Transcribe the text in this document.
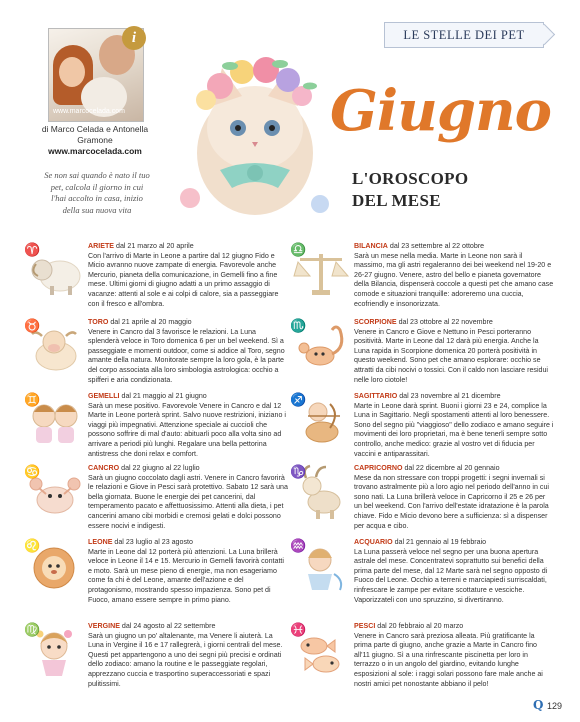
www.marcocelada.com
i
di Marco Celada e Antonella Gramone
www.marcocelada.com
Se non sai quando è nato il tuo pet, calcola il giorno in cui l'hai accolto in casa, inizio della sua nuova vita
LE STELLE DEI PET
Giugno
L'OROSCOPO DEL MESE
♈	ARIETE dal 21 marzo al 20 aprile
Con l'arrivo di Marte in Leone a partire dal 12 giugno Fido e Micio avranno nuove zampate di energia. Favorevole anche Mercurio, pianeta della comunicazione, in Gemelli fino a fine mese. Ultimi giorni di giugno adatti a un primo assaggio di vacanze: attenti al sole e ai colpi di calore, sia a passeggiare con il fresco e all'ombra.
♉	TORO dal 21 aprile al 20 maggio
Venere in Cancro dal 3 favorisce le relazioni. La Luna splenderà veloce in Toro domenica 6 per un bel weekend. Sì a passeggiate e momenti outdoor, come si addice al Toro, segno amante della natura. Monitorate sempre la loro gola, è la parte del corpo associata alla loro simbologia astrologica: occhio a spifferi e aria condizionata.
♊	GEMELLI dal 21 maggio al 21 giugno
Sarà un mese positivo. Favorevole Venere in Cancro e dal 12 Marte in Leone porterà sprint. Salvo nuove restrizioni, iniziano i viaggi più impegnativi. Attenzione speciale ai cuccioli che possono soffrire di mal d'auto: abituarli poco alla volta sino ad arrivare a periodi più lunghi. Regalare una bella pettorina antistress che doni relax e comfort.
♋	CANCRO dal 22 giugno al 22 luglio
Sarà un giugno coccolato dagli astri. Venere in Cancro favorirà le relazioni e Giove in Pesci sarà protettivo. Sabato 12 sarà una bella giornata. Buone le energie dei pet cancerini, dal temperamento pacato e affettuosissimo. Attenti alla dieta, i pet cancerini amano cibi morbidi e cremosi gelati e dolci possono essere nocivi e indigesti.
♌	LEONE dal 23 luglio al 23 agosto
Marte in Leone dal 12 porterà più attenzioni. La Luna brillerà veloce in Leone il 14 e 15. Mercurio in Gemelli favorirà contatti e moto. Sarà un mese pieno di energie, ma non esageriamo come fa chi è del Leone, amante dell'azione e del protagonismo, mostrando spesso impazienza. Sono pet di Fuoco, amano essere sempre in primo piano.
♍	VERGINE dal 24 agosto al 22 settembre
Sarà un giugno un po' altalenante, ma Venere li aiuterà. La Luna in Vergine il 16 e 17 rallegrerà, i giorni centrali del mese. Questi pet appartengono a uno dei segni più precisi e ordinati dello zodiaco: amano la routine e le passeggiate regolari, apprezzano cuccia e trasportino superaccessoriati e spazi pulitissimi.
♎	BILANCIA dal 23 settembre al 22 ottobre
Sarà un mese nella media. Marte in Leone non sarà il massimo, ma gli astri regaleranno dei bei weekend nel 19-20 e 26-27 giugno. Venere, astro del bello e pianeta governatore della Bilancia, dispenserà coccole a questi pet che amano case comode e situazioni tranquille: adoreremo una cuccia, ecofriendly e insonorizzata.
♏	SCORPIONE dal 23 ottobre al 22 novembre
Venere in Cancro e Giove e Nettuno in Pesci porteranno positività. Marte in Leone dal 12 darà più energia. Anche la Luna rapida in Scorpione domenica 20 porterà positività in questo weekend. Sono pet che amano esplorare: occhio se attratti da cibi nocivi o tossici. Con il caldo non lasciare residui nelle loro ciotole!
♐	SAGITTARIO dal 23 novembre al 21 dicembre
Marte in Leone darà sprint. Buoni i giorni 23 e 24, complice la Luna in Sagittario. Negli spostamenti attenti al loro benessere. Sono del segno più "viaggioso" dello zodiaco e amano seguire i movimenti dei loro proprietari, ma è bene tenerli sempre sotto controllo, anche medico: grazie al vostro vet di fiducia per vaccini e antiparassitari.
♑	CAPRICORNO dal 22 dicembre al 20 gennaio
Mese da non stressare con troppi progetti: i segni invernali si trovano astralmente più a loro agio nel periodo dell'anno in cui sono nati. La Luna brillerà veloce in Capricorno il 25 e 26 per un bel weekend. Con l'arrivo dell'estate idratazione è la parola chiave. Fido e Micio devono bere a sufficienza: sì a dispenser per acqua e cibo.
♒	ACQUARIO dal 21 gennaio al 19 febbraio
La Luna passerà veloce nel segno per una buona apertura astrale del mese. Concentratevi soprattutto sui benefici della prima parte del mese, dal 12 Marte sarà nel segno opposto di Fuoco del Leone. Occhio a terreni e marciapiedi surriscaldati, rinfrescare le zampe per evitare scottature e vesciche. Vaporizzateli con uno spruzzino, si divertiranno.
♓	PESCI dal 20 febbraio al 20 marzo
Venere in Cancro sarà preziosa alleata. Più gratificante la prima parte di giugno, anche grazie a Marte in Cancro fino all'11 giugno. Sì a una rinfrescante piscinetta per loro in terrazzo o in un angolo del giardino, evitando lunghe esposizioni al sole: i raggi solari possono fare male anche ai nostri amici pet nonostante abbiano il pelo!
Q 129
